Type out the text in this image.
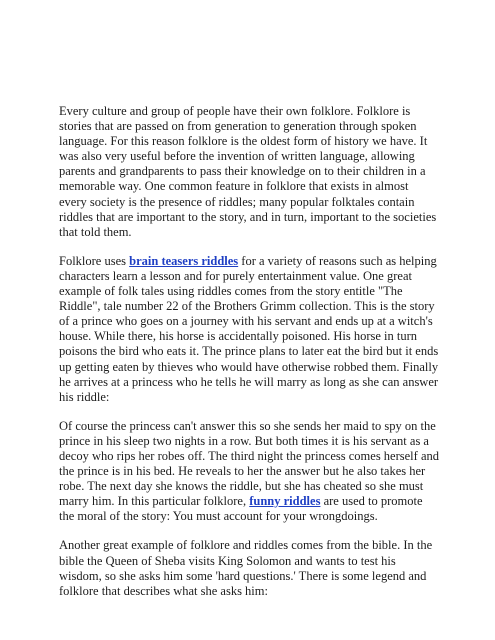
Every culture and group of people have their own folklore. Folklore is stories that are passed on from generation to generation through spoken language. For this reason folklore is the oldest form of history we have. It was also very useful before the invention of written language, allowing parents and grandparents to pass their knowledge on to their children in a memorable way. One common feature in folklore that exists in almost every society is the presence of riddles; many popular folktales contain riddles that are important to the story, and in turn, important to the societies that told them.

Folklore uses brain teasers riddles for a variety of reasons such as helping characters learn a lesson and for purely entertainment value. One great example of folk tales using riddles comes from the story entitle "The Riddle", tale number 22 of the Brothers Grimm collection. This is the story of a prince who goes on a journey with his servant and ends up at a witch's house. While there, his horse is accidentally poisoned. His horse in turn poisons the bird who eats it. The prince plans to later eat the bird but it ends up getting eaten by thieves who would have otherwise robbed them. Finally he arrives at a princess who he tells he will marry as long as she can answer his riddle:

Of course the princess can't answer this so she sends her maid to spy on the prince in his sleep two nights in a row. But both times it is his servant as a decoy who rips her robes off. The third night the princess comes herself and the prince is in his bed. He reveals to her the answer but he also takes her robe. The next day she knows the riddle, but she has cheated so she must marry him. In this particular folklore, funny riddles are used to promote the moral of the story: You must account for your wrongdoings.

Another great example of folklore and riddles comes from the bible. In the bible the Queen of Sheba visits King Solomon and wants to test his wisdom, so she asks him some 'hard questions.' There is some legend and folklore that describes what she asks him:
